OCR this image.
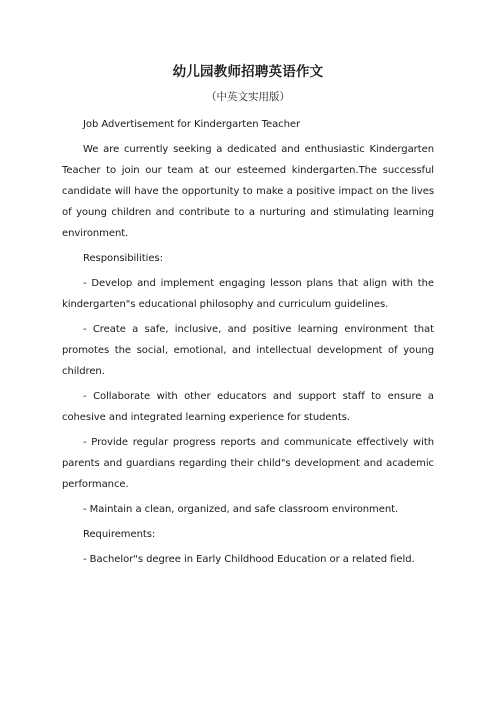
幼儿园教师招聘英语作文
（中英文实用版）

Job Advertisement for Kindergarten Teacher

We are currently seeking a dedicated and enthusiastic Kindergarten Teacher to join our team at our esteemed kindergarten.The successful candidate will have the opportunity to make a positive impact on the lives of young children and contribute to a nurturing and stimulating learning environment.

Responsibilities:

- Develop and implement engaging lesson plans that align with the kindergarten"s educational philosophy and curriculum guidelines.

- Create a safe, inclusive, and positive learning environment that promotes the social, emotional, and intellectual development of young children.

- Collaborate with other educators and support staff to ensure a cohesive and integrated learning experience for students.

- Provide regular progress reports and communicate effectively with parents and guardians regarding their child"s development and academic performance.

- Maintain a clean, organized, and safe classroom environment.

Requirements:

- Bachelor"s degree in Early Childhood Education or a related field.
